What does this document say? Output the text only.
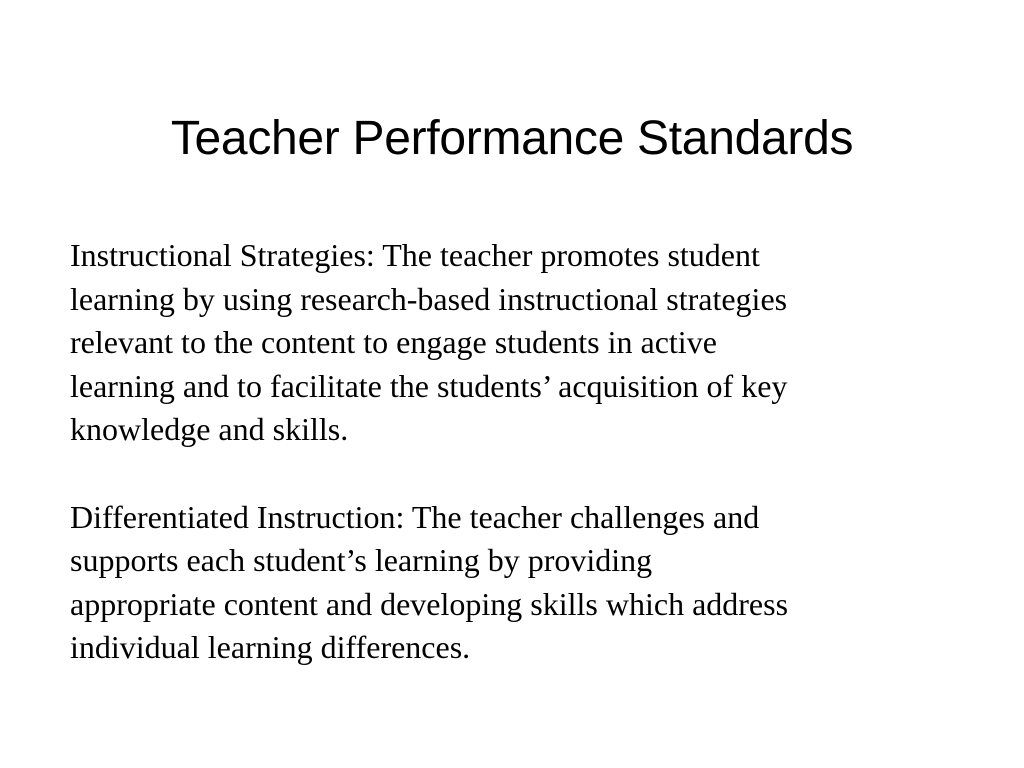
Teacher Performance Standards

Instructional Strategies: The teacher promotes student
learning by using research-based instructional strategies
relevant to the content to engage students in active
learning and to facilitate the students’ acquisition of key
knowledge and skills.

Differentiated Instruction: The teacher challenges and
supports each student’s learning by providing
appropriate content and developing skills which address
individual learning differences.
